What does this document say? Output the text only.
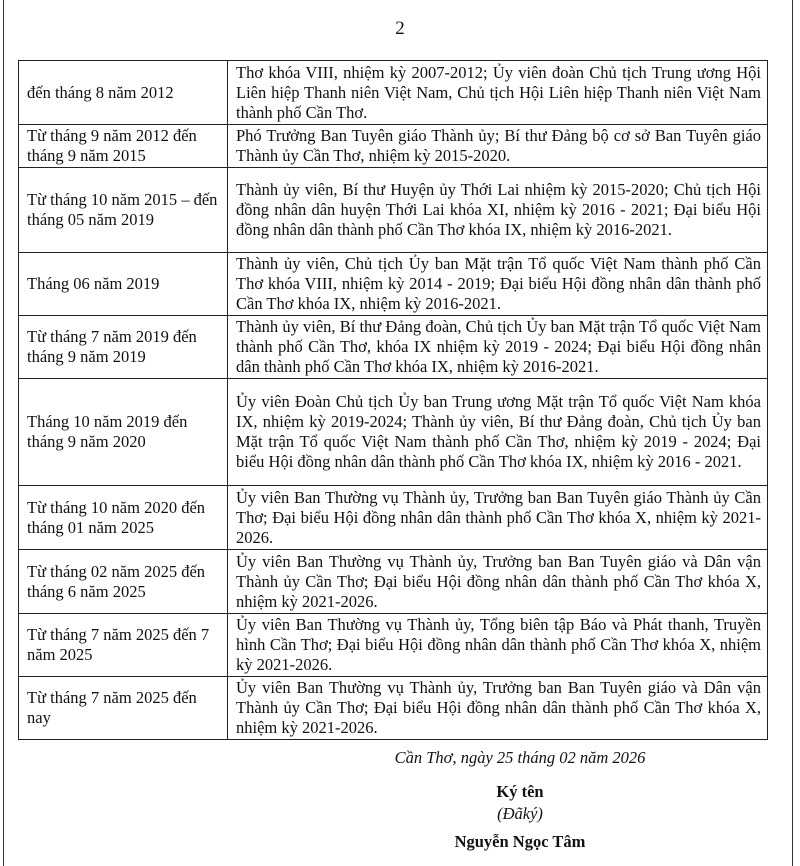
2
đến tháng 8 năm 2012	Thơ khóa VIII, nhiệm kỳ 2007-2012; Ủy viên đoàn Chủ tịch Trung ương Hội Liên hiệp Thanh niên Việt Nam, Chủ tịch Hội Liên hiệp Thanh niên Việt Nam thành phố Cần Thơ.
Từ tháng 9 năm 2012 đến tháng 9 năm 2015	Phó Trưởng Ban Tuyên giáo Thành ủy; Bí thư Đảng bộ cơ sở Ban Tuyên giáo Thành ủy Cần Thơ, nhiệm kỳ 2015-2020.
Từ tháng 10 năm 2015 – đến tháng 05 năm 2019	Thành ủy viên, Bí thư Huyện ủy Thới Lai nhiệm kỳ 2015-2020; Chủ tịch Hội đồng nhân dân huyện Thới Lai khóa XI, nhiệm kỳ 2016 - 2021; Đại biểu Hội đồng nhân dân thành phố Cần Thơ khóa IX, nhiệm kỳ 2016-2021.
Tháng 06 năm 2019	Thành ủy viên, Chủ tịch Ủy ban Mặt trận Tổ quốc Việt Nam thành phố Cần Thơ khóa VIII, nhiệm kỳ 2014 - 2019; Đại biểu Hội đồng nhân dân thành phố Cần Thơ khóa IX, nhiệm kỳ 2016-2021.
Từ tháng 7 năm 2019 đến tháng 9 năm 2019	Thành ủy viên, Bí thư Đảng đoàn, Chủ tịch Ủy ban Mặt trận Tổ quốc Việt Nam thành phố Cần Thơ, khóa IX nhiệm kỳ 2019 - 2024; Đại biểu Hội đồng nhân dân thành phố Cần Thơ khóa IX, nhiệm kỳ 2016-2021.
Tháng 10 năm 2019 đến tháng 9 năm 2020	Ủy viên Đoàn Chủ tịch Ủy ban Trung ương Mặt trận Tổ quốc Việt Nam khóa IX, nhiệm kỳ 2019-2024; Thành ủy viên, Bí thư Đảng đoàn, Chủ tịch Ủy ban Mặt trận Tổ quốc Việt Nam thành phố Cần Thơ, nhiệm kỳ 2019 - 2024; Đại biểu Hội đồng nhân dân thành phố Cần Thơ khóa IX, nhiệm kỳ 2016 - 2021.
Từ tháng 10 năm 2020 đến tháng 01 năm 2025	Ủy viên Ban Thường vụ Thành ủy, Trưởng ban Ban Tuyên giáo Thành ủy Cần Thơ; Đại biểu Hội đồng nhân dân thành phố Cần Thơ khóa X, nhiệm kỳ 2021-2026.
Từ tháng 02 năm 2025 đến tháng 6 năm 2025	Ủy viên Ban Thường vụ Thành ủy, Trưởng ban Ban Tuyên giáo và Dân vận Thành ủy Cần Thơ; Đại biểu Hội đồng nhân dân thành phố Cần Thơ khóa X, nhiệm kỳ 2021-2026.
Từ tháng 7 năm 2025 đến 7 năm 2025	Ủy viên Ban Thường vụ Thành ủy, Tổng biên tập Báo và Phát thanh, Truyền hình Cần Thơ; Đại biểu Hội đồng nhân dân thành phố Cần Thơ khóa X, nhiệm kỳ 2021-2026.
Từ tháng 7 năm 2025 đến nay	Ủy viên Ban Thường vụ Thành ủy, Trưởng ban Ban Tuyên giáo và Dân vận Thành ủy Cần Thơ; Đại biểu Hội đồng nhân dân thành phố Cần Thơ khóa X, nhiệm kỳ 2021-2026.
Cần Thơ, ngày 25 tháng 02 năm 2026
Ký tên
(Đãký)
Nguyễn Ngọc Tâm
